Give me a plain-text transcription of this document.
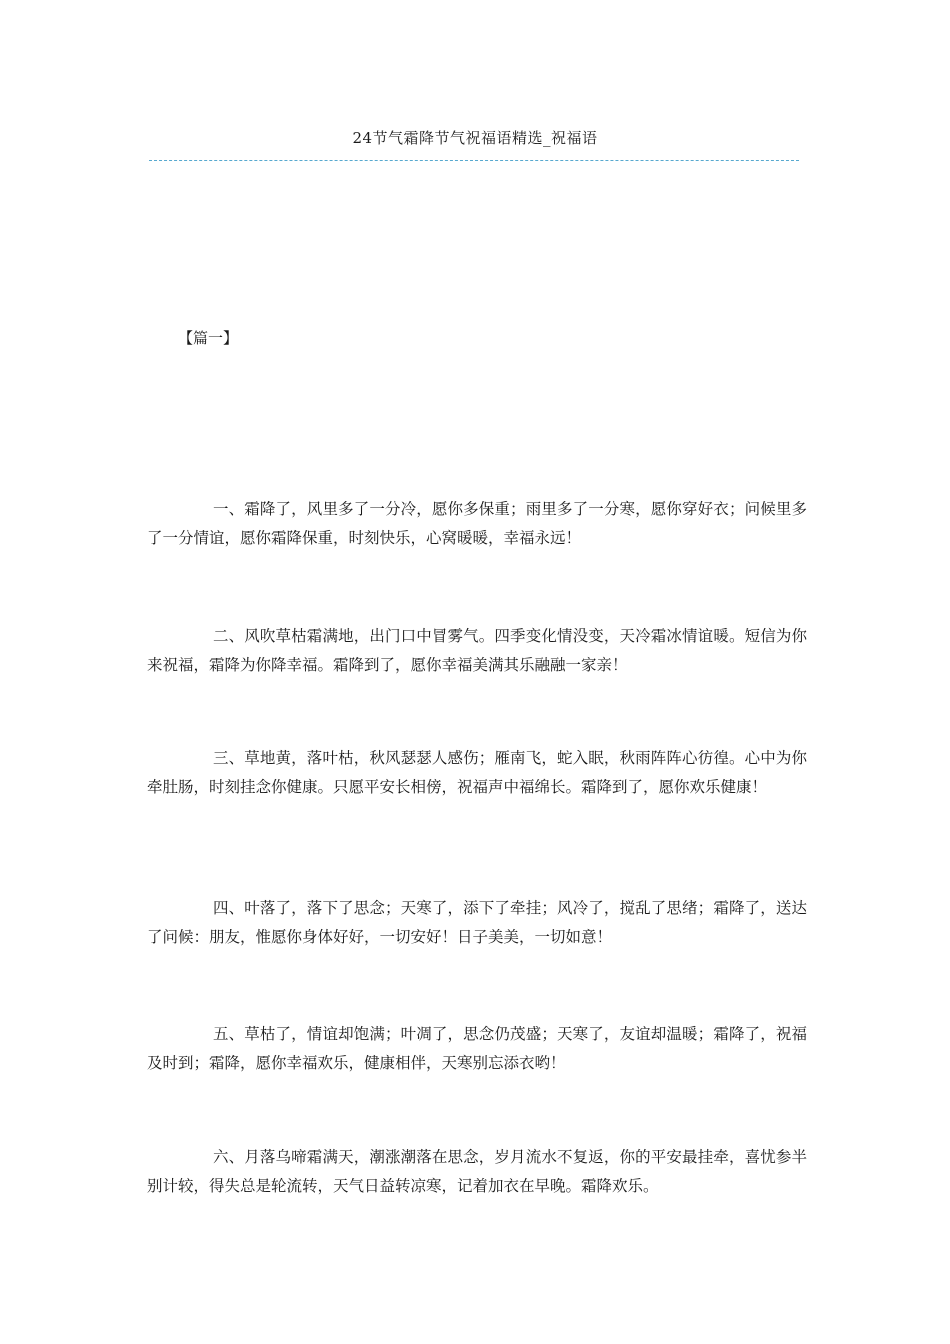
24节气霜降节气祝福语精选_祝福语
【篇一】

一、霜降了，风里多了一分冷，愿你多保重；雨里多了一分寒，愿你穿好衣；问候里多了一分情谊，愿你霜降保重，时刻快乐，心窝暖暖，幸福永远！

二、风吹草枯霜满地，出门口中冒雾气。四季变化情没变，天冷霜冰情谊暖。短信为你来祝福，霜降为你降幸福。霜降到了，愿你幸福美满其乐融融一家亲！

三、草地黄，落叶枯，秋风瑟瑟人感伤；雁南飞，蛇入眠，秋雨阵阵心彷徨。心中为你牵肚肠，时刻挂念你健康。只愿平安长相傍，祝福声中福绵长。霜降到了，愿你欢乐健康！

四、叶落了，落下了思念；天寒了，添下了牵挂；风冷了，搅乱了思绪；霜降了，送达了问候：朋友，惟愿你身体好好，一切安好！日子美美，一切如意！

五、草枯了，情谊却饱满；叶凋了，思念仍茂盛；天寒了，友谊却温暖；霜降了，祝福及时到；霜降，愿你幸福欢乐，健康相伴，天寒别忘添衣哟！

六、月落乌啼霜满天，潮涨潮落在思念，岁月流水不复返，你的平安最挂牵，喜忧参半别计较，得失总是轮流转，天气日益转凉寒，记着加衣在早晚。霜降欢乐。
